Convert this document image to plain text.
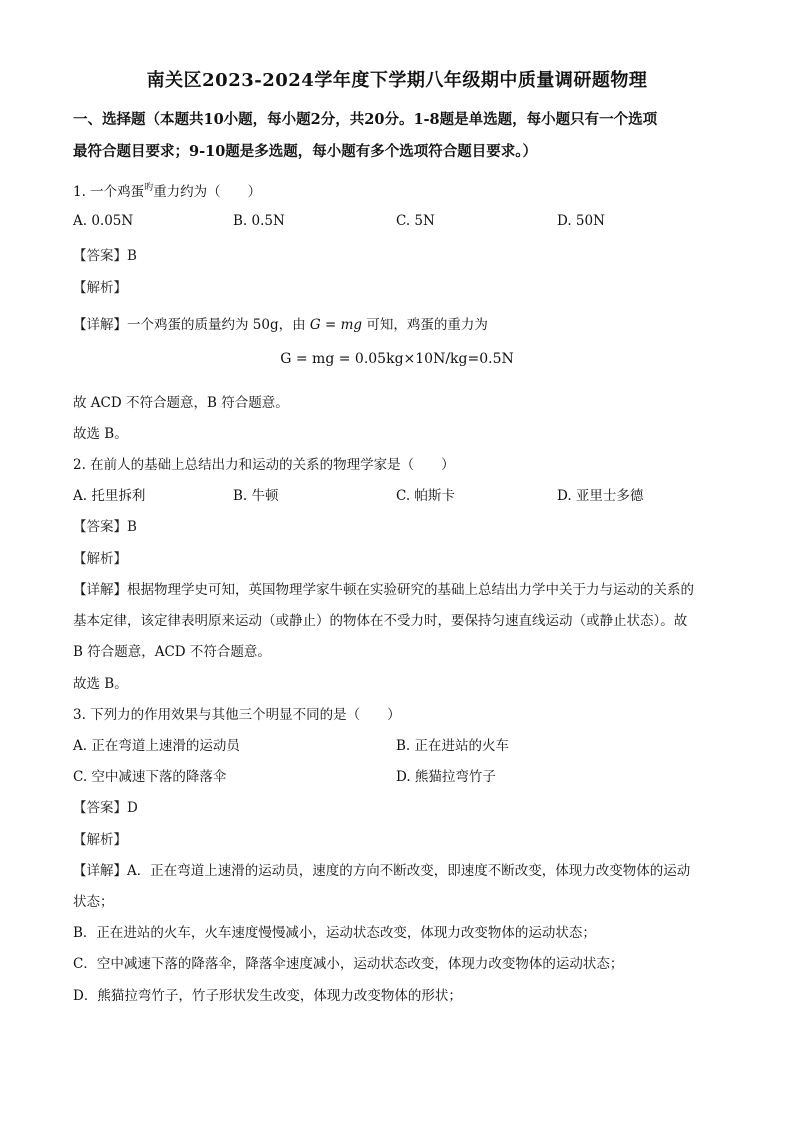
南关区2023-2024学年度下学期八年级期中质量调研题物理
一、选择题（本题共10小题，每小题2分，共20分。1-8题是单选题，每小题只有一个选项
最符合题目要求；9-10题是多选题，每小题有多个选项符合题目要求。）
1. 一个鸡蛋$^旳$重力约为（　　）
A. 0.05N	B. 0.5N	C. 5N	D. 50N
【答案】B
【解析】
【详解】一个鸡蛋的质量约为 50g，由 G = mg 可知，鸡蛋的重力为
G = mg = 0.05kg×10N/kg=0.5N
故 ACD 不符合题意，B 符合题意。
故选 B。
2. 在前人的基础上总结出力和运动的关系的物理学家是（　　）
A. 托里拆利	B. 牛顿	C. 帕斯卡	D. 亚里士多德
【答案】B
【解析】
【详解】根据物理学史可知，英国物理学家牛顿在实验研究的基础上总结出力学中关于力与运动的关系的
基本定律，该定律表明原来运动（或静止）的物体在不受力时，要保持匀速直线运动（或静止状态）。故
B 符合题意，ACD 不符合题意。
故选 B。
3. 下列力的作用效果与其他三个明显不同的是（　　）
A. 正在弯道上速滑的运动员	B. 正在进站的火车
C. 空中减速下落的降落伞	D. 熊猫拉弯竹子
【答案】D
【解析】
【详解】A．正在弯道上速滑的运动员，速度的方向不断改变，即速度不断改变，体现力改变物体的运动
状态；
B．正在进站的火车，火车速度慢慢减小，运动状态改变，体现力改变物体的运动状态；
C．空中减速下落的降落伞，降落伞速度减小，运动状态改变，体现力改变物体的运动状态；
D．熊猫拉弯竹子，竹子形状发生改变，体现力改变物体的形状；
